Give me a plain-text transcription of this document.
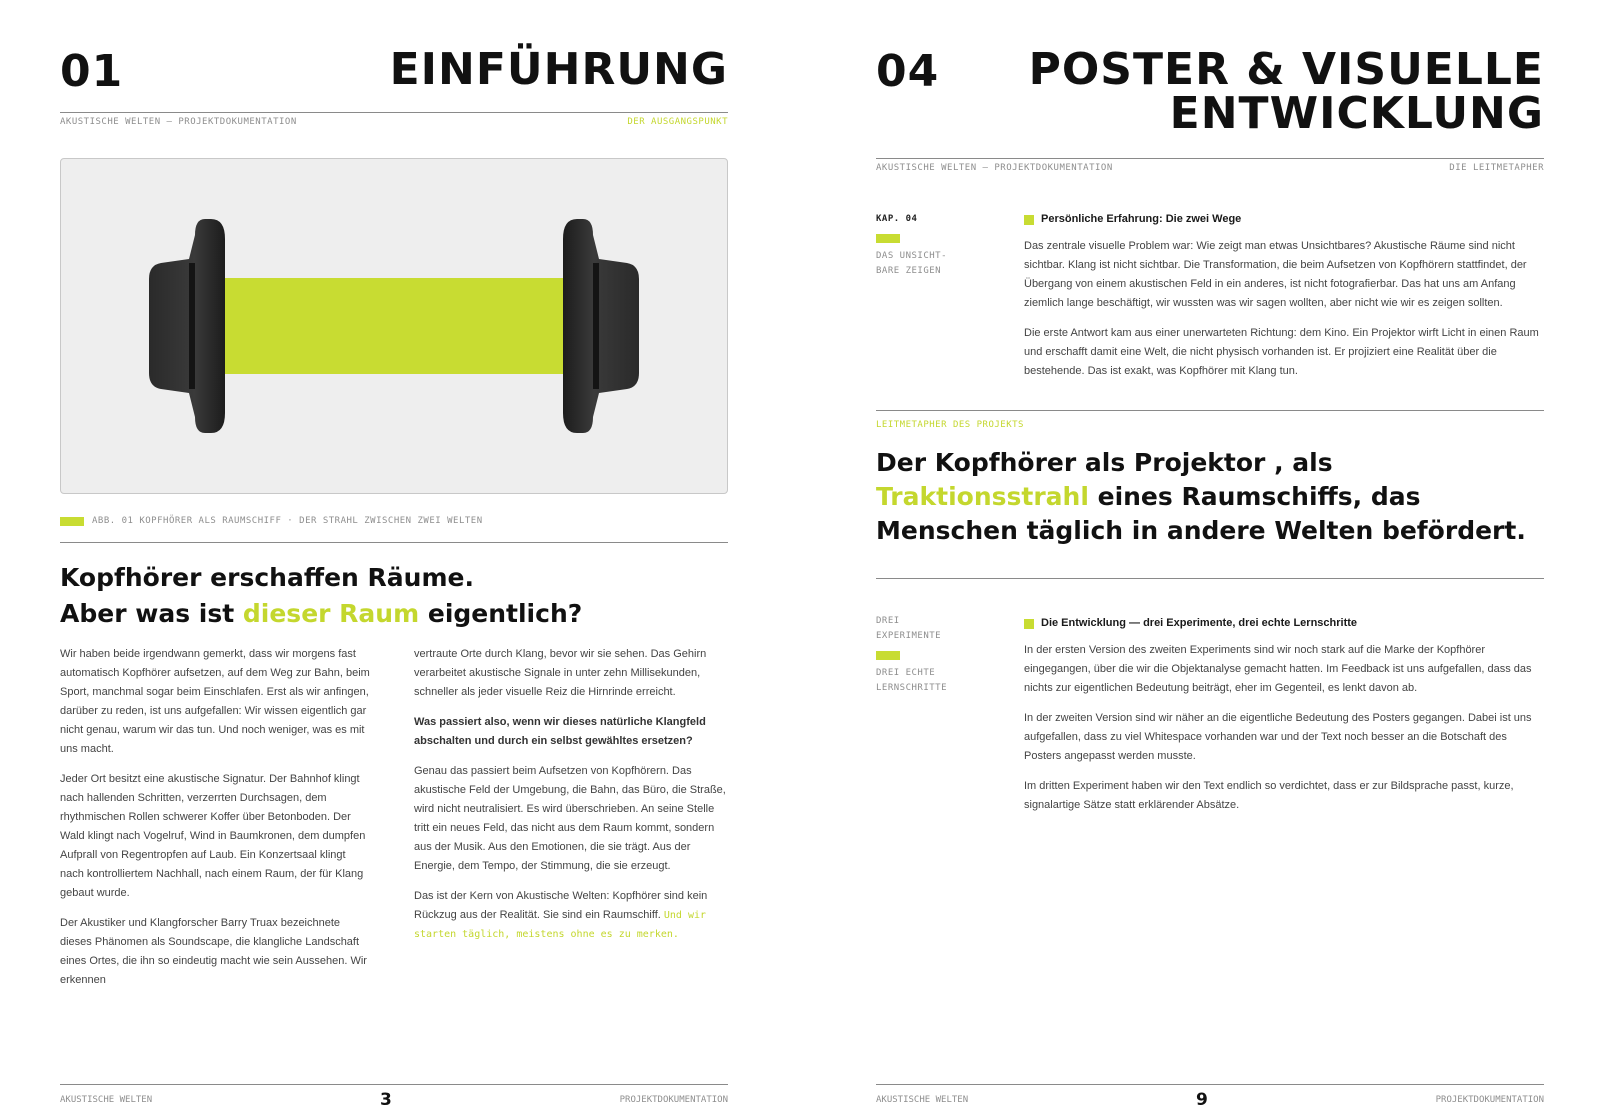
01	EINFÜHRUNG
AKUSTISCHE WELTEN — PROJEKTDOKUMENTATION	DER AUSGANGSPUNKT
ABB. 01 KOPFHÖRER ALS RAUMSCHIFF · DER STRAHL ZWISCHEN ZWEI WELTEN
Kopfhörer erschaffen Räume.
Aber was ist dieser Raum eigentlich?

Wir haben beide irgendwann gemerkt, dass wir morgens fast automatisch Kopfhörer aufsetzen, auf dem Weg zur Bahn, beim Sport, manchmal sogar beim Einschlafen. Erst als wir anfingen, darüber zu reden, ist uns aufgefallen: Wir wissen eigentlich gar nicht genau, warum wir das tun. Und noch weniger, was es mit uns macht.

Jeder Ort besitzt eine akustische Signatur. Der Bahnhof klingt nach hallenden Schritten, verzerrten Durchsagen, dem rhythmischen Rollen schwerer Koffer über Betonboden. Der Wald klingt nach Vogelruf, Wind in Baumkronen, dem dumpfen Aufprall von Regentropfen auf Laub. Ein Konzertsaal klingt nach kontrolliertem Nachhall, nach einem Raum, der für Klang gebaut wurde.

Der Akustiker und Klangforscher Barry Truax bezeichnete dieses Phänomen als Soundscape, die klangliche Landschaft eines Ortes, die ihn so eindeutig macht wie sein Aussehen. Wir erkennen

vertraute Orte durch Klang, bevor wir sie sehen. Das Gehirn verarbeitet akustische Signale in unter zehn Millisekunden, schneller als jeder visuelle Reiz die Hirnrinde erreicht.

Was passiert also, wenn wir dieses natürliche Klangfeld abschalten und durch ein selbst gewähltes ersetzen?

Genau das passiert beim Aufsetzen von Kopfhörern. Das akustische Feld der Umgebung, die Bahn, das Büro, die Straße, wird nicht neutralisiert. Es wird überschrieben. An seine Stelle tritt ein neues Feld, das nicht aus dem Raum kommt, sondern aus der Musik. Aus den Emotionen, die sie trägt. Aus der Energie, dem Tempo, der Stimmung, die sie erzeugt.

Das ist der Kern von Akustische Welten: Kopfhörer sind kein Rückzug aus der Realität. Sie sind ein Raumschiff. Und wir starten täglich, meistens ohne es zu merken.

AKUSTISCHE WELTEN	3	PROJEKTDOKUMENTATION
04 POSTER & VISUELLE
ENTWICKLUNG
AKUSTISCHE WELTEN — PROJEKTDOKUMENTATION	DIE LEITMETAPHER
KAP. 04
DAS UNSICHT-
BARE ZEIGEN
Persönliche Erfahrung: Die zwei Wege

Das zentrale visuelle Problem war: Wie zeigt man etwas Unsichtbares? Akustische Räume sind nicht sichtbar. Klang ist nicht sichtbar. Die Transformation, die beim Aufsetzen von Kopfhörern stattfindet, der Übergang von einem akustischen Feld in ein anderes, ist nicht fotografierbar. Das hat uns am Anfang ziemlich lange beschäftigt, wir wussten was wir sagen wollten, aber nicht wie wir es zeigen sollten.

Die erste Antwort kam aus einer unerwarteten Richtung: dem Kino. Ein Projektor wirft Licht in einen Raum und erschafft damit eine Welt, die nicht physisch vorhanden ist. Er projiziert eine Realität über die bestehende. Das ist exakt, was Kopfhörer mit Klang tun.

LEITMETAPHER DES PROJEKTS
Der Kopfhörer als Projektor , als
Traktionsstrahl eines Raumschiffs, das
Menschen täglich in andere Welten befördert.
DREI
EXPERIMENTE
DREI ECHTE
LERNSCHRITTE
Die Entwicklung — drei Experimente, drei echte Lernschritte

In der ersten Version des zweiten Experiments sind wir noch stark auf die Marke der Kopfhörer eingegangen, über die wir die Objektanalyse gemacht hatten. Im Feedback ist uns aufgefallen, dass das nichts zur eigentlichen Bedeutung beiträgt, eher im Gegenteil, es lenkt davon ab.

In der zweiten Version sind wir näher an die eigentliche Bedeutung des Posters gegangen. Dabei ist uns aufgefallen, dass zu viel Whitespace vorhanden war und der Text noch besser an die Botschaft des Posters angepasst werden musste.

Im dritten Experiment haben wir den Text endlich so verdichtet, dass er zur Bildsprache passt, kurze, signalartige Sätze statt erklärender Absätze.

AKUSTISCHE WELTEN	9	PROJEKTDOKUMENTATION
